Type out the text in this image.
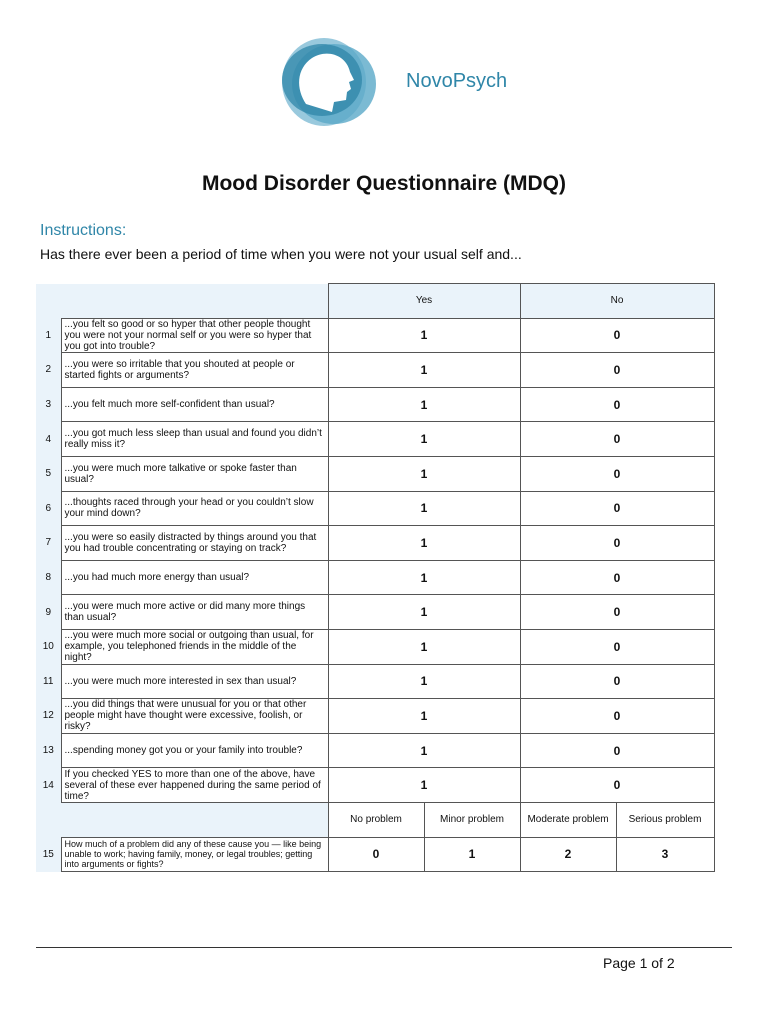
NovoPsych
Mood Disorder Questionnaire (MDQ)
Instructions:
Has there ever been a period of time when you were not your usual self and...
		Yes		No	
1	...you felt so good or so hyper that other people thought you were not your normal self or you were so hyper that you got into trouble?	1		0	
2	...you were so irritable that you shouted at people or started fights or arguments?	1		0	
3	...you felt much more self-confident than usual?	1		0	
4	...you got much less sleep than usual and found you didn’t really miss it?	1		0	
5	...you were much more talkative or spoke faster than usual?	1		0	
6	...thoughts raced through your head or you couldn’t slow your mind down?	1		0	
7	...you were so easily distracted by things around you that you had trouble concentrating or staying on track?	1		0	
8	...you had much more energy than usual?	1		0	
9	...you were much more active or did many more things than usual?	1		0	
10	...you were much more social or outgoing than usual, for example, you telephoned friends in the middle of the night?	1		0	
11	...you were much more interested in sex than usual?	1		0	
12	...you did things that were unusual for you or that other people might have thought were excessive, foolish, or risky?	1		0	
13	...spending money got you or your family into trouble?	1		0	
14	If you checked YES to more than one of the above, have several of these ever happened during the same period of time?	1		0	
		No problem	Minor problem	Moderate problem	Serious problem
15	How much of a problem did any of these cause you — like being unable to work; having family, money, or legal troubles; getting into arguments or fights?	0	1	2	3
Page 1 of 2
